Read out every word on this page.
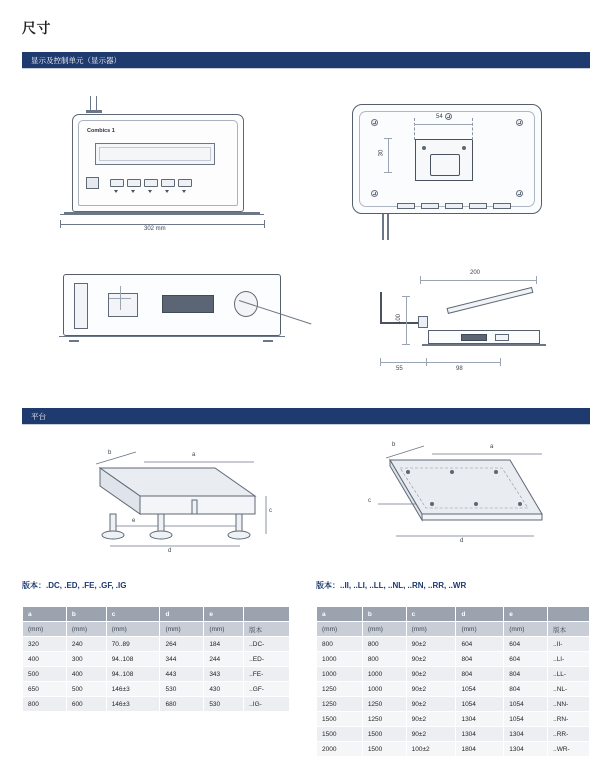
尺寸
显示及控制单元（显示器）
Combics 1
302 mm
54
30
200
100
55	98
平台
a
b
c
d
e
a
b
c
d
版本：.DC, .ED, .FE, .GF, .IG	版本：..II, ..LI, ..LL, ..NL, ..RN, ..RR, ..WR
a	b	c	d	e	
(mm)	(mm)	(mm)	(mm)	(mm)	版本
320	240	70..89	264	184	..DC-
400	300	94..108	344	244	..ED-
500	400	94..108	443	343	..FE-
650	500	146±3	530	430	..GF-
800	600	146±3	680	530	..IG-
a	b	c	d	e	
(mm)	(mm)	(mm)	(mm)	(mm)	版本
800	800	90±2	604	604	..II-
1000	800	90±2	804	604	..LI-
1000	1000	90±2	804	804	..LL-
1250	1000	90±2	1054	804	..NL-
1250	1250	90±2	1054	1054	..NN-
1500	1250	90±2	1304	1054	..RN-
1500	1500	90±2	1304	1304	..RR-
2000	1500	100±2	1804	1304	..WR-
